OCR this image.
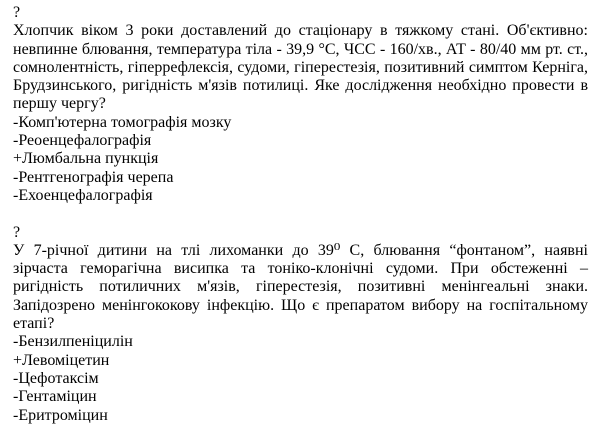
?

Хлопчик віком 3 роки доставлений до стаціонару в тяжкому стані. Об'єктивно: невпинне блювання, температура тіла - 39,9 °С, ЧСС - 160/хв., АТ - 80/40 мм рт. ст., сомнолентність, гіперрефлексія, судоми, гіперестезія, позитивний симптом Керніга, Брудзинського, ригідність м'язів потилиці. Яке дослідження необхідно провести в першу чергу?

-Комп'ютерна томографія мозку

-Реоенцефалографія

+Люмбальна пункція

-Рентгенографія черепа

-Ехоенцефалографія

?

У 7-річної дитини на тлі лихоманки до 39⁰ С, блювання “фонтаном”, наявні зірчаста геморагічна висипка та тоніко-клонічні судоми. При обстеженні – ригідність потиличних м'язів, гіперестезія, позитивні менінгеальні знаки. Запідозрено менінгококову інфекцію. Що є препаратом вибору на госпітальному етапі?

-Бензилпеніцилін

+Левоміцетин

-Цефотаксім

-Гентаміцин

-Еритроміцин
